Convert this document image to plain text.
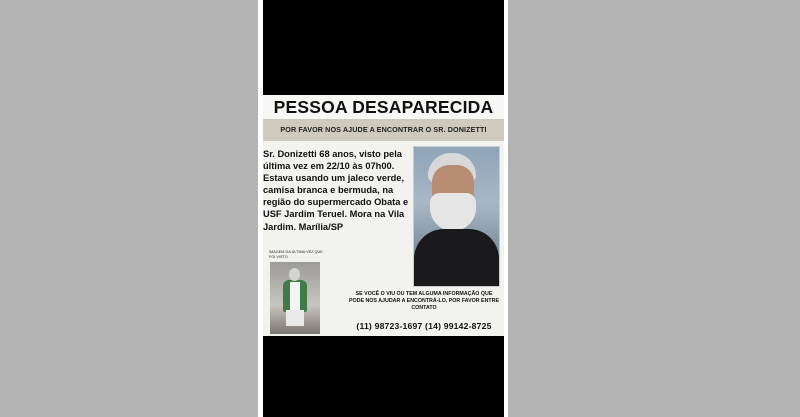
PESSOA DESAPARECIDA
POR FAVOR NOS AJUDE A ENCONTRAR O SR. DONIZETTI
Sr. Donizetti 68 anos, visto pela última vez em 22/10 às 07h00. Estava usando um jaleco verde, camisa branca e bermuda, na região do supermercado Obata e USF Jardim Teruel. Mora na Vila Jardim. Marília/SP
IMAGEM DA ÚLTIMA VEZ QUE FOI VISTO
SE VOCÊ O VIU OU TEM ALGUMA INFORMAÇÃO QUE PODE NOS AJUDAR A ENCONTRÁ-LO, POR FAVOR ENTRE CONTATO
(11) 98723-1697 (14) 99142-8725
